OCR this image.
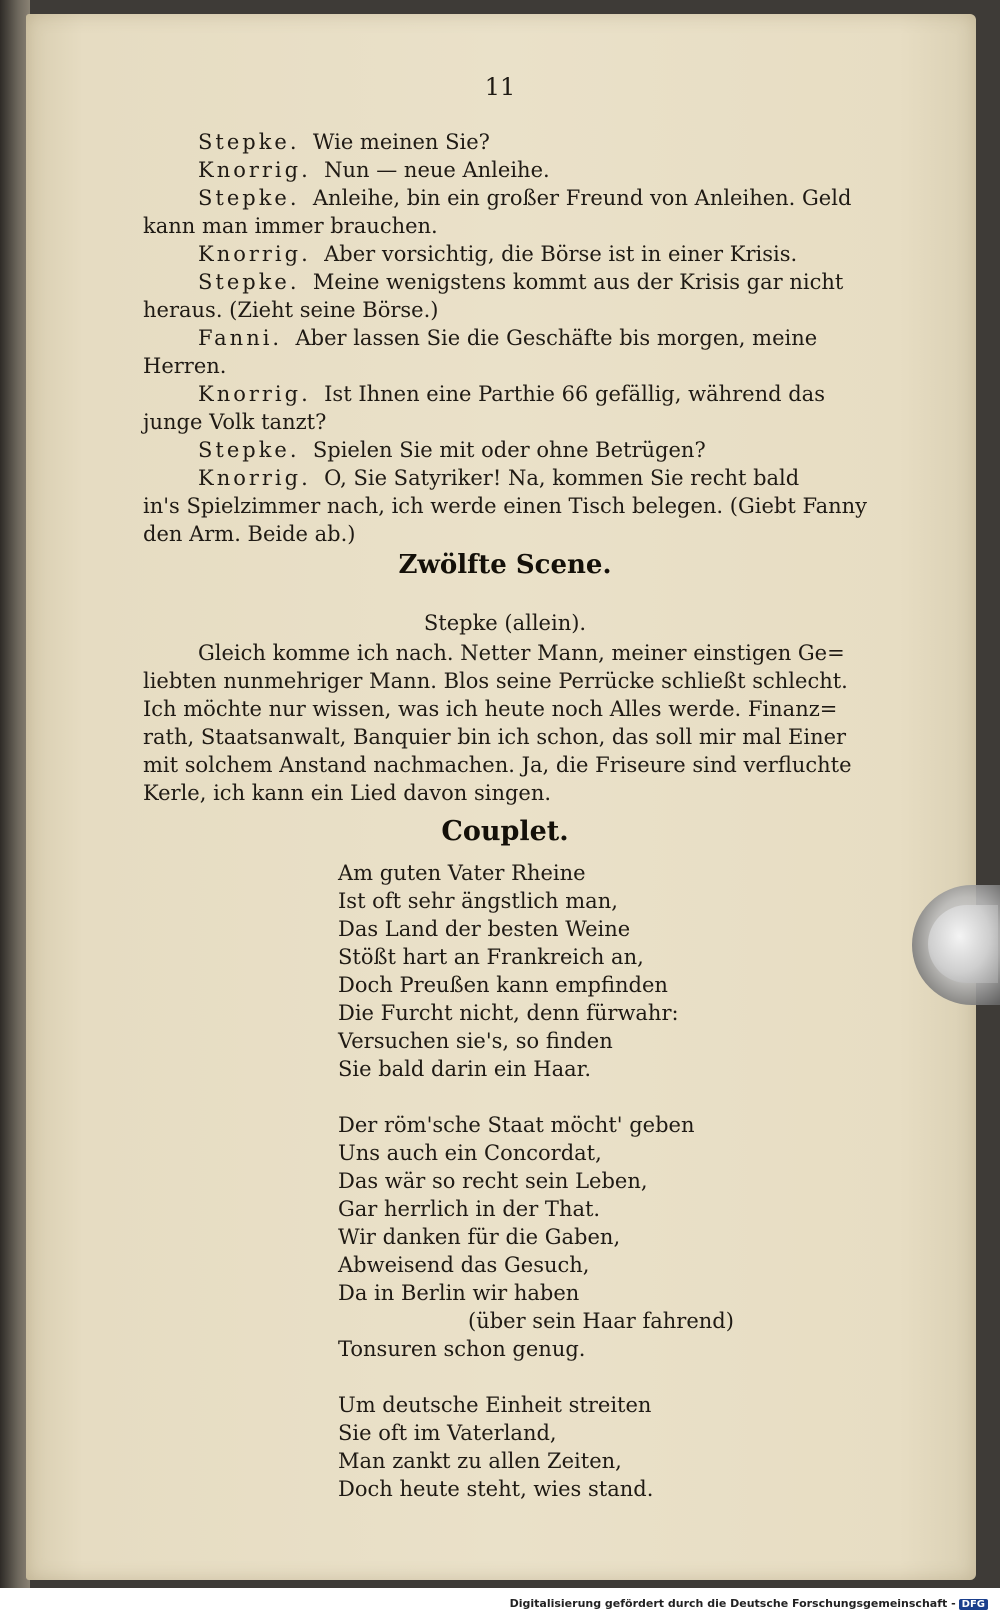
11
Stepke. Wie meinen Sie?
Knorrig. Nun — neue Anleihe.
Stepke. Anleihe, bin ein großer Freund von Anleihen. Geld
kann man immer brauchen.
Knorrig. Aber vorsichtig, die Börse ist in einer Krisis.
Stepke. Meine wenigstens kommt aus der Krisis gar nicht
heraus. (Zieht seine Börse.)
Fanni. Aber lassen Sie die Geschäfte bis morgen, meine
Herren.
Knorrig. Ist Ihnen eine Parthie 66 gefällig, während das
junge Volk tanzt?
Stepke. Spielen Sie mit oder ohne Betrügen?
Knorrig. O, Sie Satyriker! Na, kommen Sie recht bald
in's Spielzimmer nach, ich werde einen Tisch belegen. (Giebt Fanny
den Arm. Beide ab.)
Zwölfte Scene.
Stepke (allein).
Gleich komme ich nach. Netter Mann, meiner einstigen Ge=
liebten nunmehriger Mann. Blos seine Perrücke schließt schlecht.
Ich möchte nur wissen, was ich heute noch Alles werde. Finanz=
rath, Staatsanwalt, Banquier bin ich schon, das soll mir mal Einer
mit solchem Anstand nachmachen. Ja, die Friseure sind verfluchte
Kerle, ich kann ein Lied davon singen.
Couplet.
Am guten Vater Rheine
Ist oft sehr ängstlich man,
Das Land der besten Weine
Stößt hart an Frankreich an,
Doch Preußen kann empfinden
Die Furcht nicht, denn fürwahr:
Versuchen sie's, so finden
Sie bald darin ein Haar.
Der röm'sche Staat möcht' geben
Uns auch ein Concordat,
Das wär so recht sein Leben,
Gar herrlich in der That.
Wir danken für die Gaben,
Abweisend das Gesuch,
Da in Berlin wir haben
(über sein Haar fahrend)
Tonsuren schon genug.
Um deutsche Einheit streiten
Sie oft im Vaterland,
Man zankt zu allen Zeiten,
Doch heute steht, wies stand.
Digitalisierung gefördert durch die Deutsche Forschungsgemeinschaft - DFG
